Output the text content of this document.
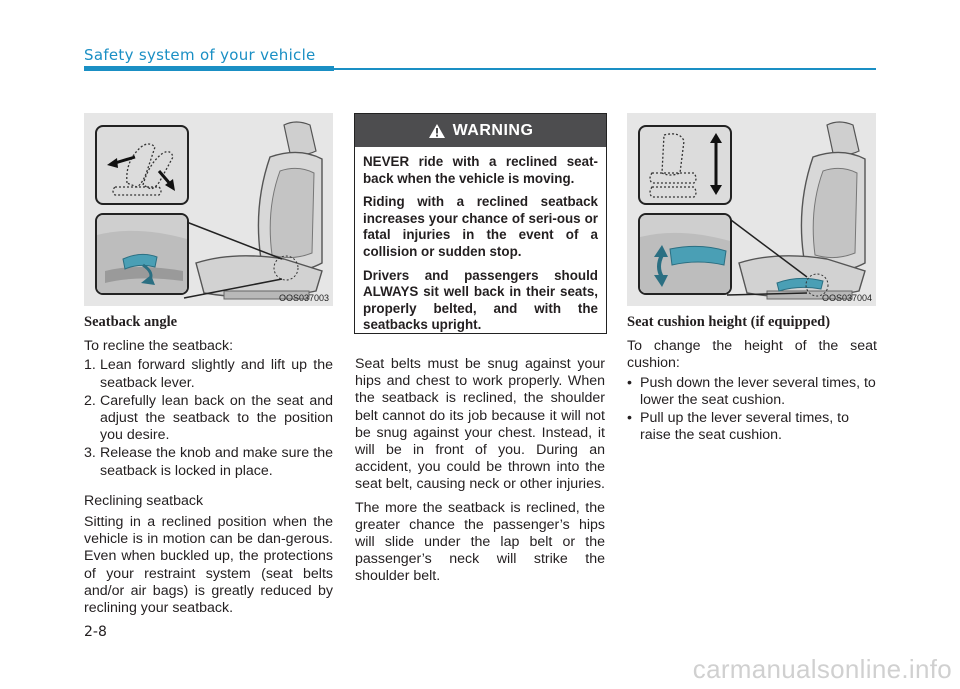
Safety system of your vehicle
OOS037003
Seatback angle

To recline the seatback:

1. Lean forward slightly and lift up the seatback lever.
2. Carefully lean back on the seat and adjust the seatback to the position you desire.
3. Release the knob and make sure the seatback is locked in place.

Reclining seatback

Sitting in a reclined position when the vehicle is in motion can be dan-gerous. Even when buckled up, the protections of your restraint system (seat belts and/or air bags) is greatly reduced by reclining your seatback.

WARNING

NEVER ride with a reclined seat-back when the vehicle is moving.

Riding with a reclined seatback increases your chance of seri-ous or fatal injuries in the event of a collision or sudden stop.

Drivers and passengers should ALWAYS sit well back in their seats, properly belted, and with the seatbacks upright.

Seat belts must be snug against your hips and chest to work properly. When the seatback is reclined, the shoulder belt cannot do its job because it will not be snug against your chest. Instead, it will be in front of you. During an accident, you could be thrown into the seat belt, causing neck or other injuries.

The more the seatback is reclined, the greater chance the passenger’s hips will slide under the lap belt or the passenger’s neck will strike the shoulder belt.

OOS037004
Seat cushion height (if equipped)

To change the height of the seat cushion:

• Push down the lever several times, to lower the seat cushion.
• Pull up the lever several times, to raise the seat cushion.
2-8
carmanualsonline.info
